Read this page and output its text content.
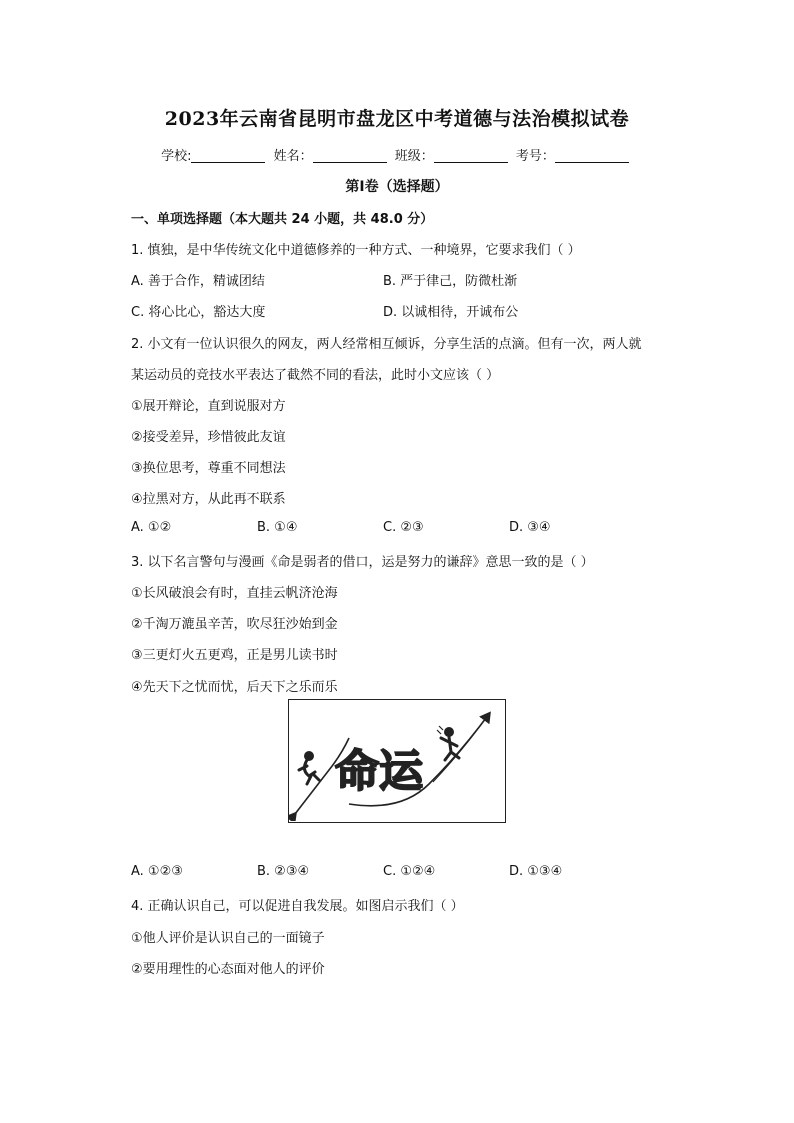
2023年云南省昆明市盘龙区中考道德与法治模拟试卷
学校:	姓名：	班级：	考号：
第Ⅰ卷（选择题）
一、单项选择题（本大题共 24 小题，共 48.0 分）
1. 慎独，是中华传统文化中道德修养的一种方式、一种境界，它要求我们（ ）
A. 善于合作，精诚团结	B. 严于律己，防微杜渐
C. 将心比心，豁达大度	D. 以诚相待，开诚布公
2. 小文有一位认识很久的网友，两人经常相互倾诉，分享生活的点滴。但有一次，两人就
某运动员的竞技水平表达了截然不同的看法，此时小文应该（ ）
①展开辩论，直到说服对方
②接受差异，珍惜彼此友谊
③换位思考，尊重不同想法
④拉黑对方，从此再不联系
A. ①②	B. ①④	C. ②③	D. ③④
3. 以下名言警句与漫画《命是弱者的借口，运是努力的谦辞》意思一致的是（ ）
①长风破浪会有时，直挂云帆济沧海
②千淘万漉虽辛苦，吹尽狂沙始到金
③三更灯火五更鸡，正是男儿读书时
④先天下之忧而忧，后天下之乐而乐
命运
A. ①②③	B. ②③④	C. ①②④	D. ①③④
4. 正确认识自己，可以促进自我发展。如图启示我们（ ）
①他人评价是认识自己的一面镜子
②要用理性的心态面对他人的评价
